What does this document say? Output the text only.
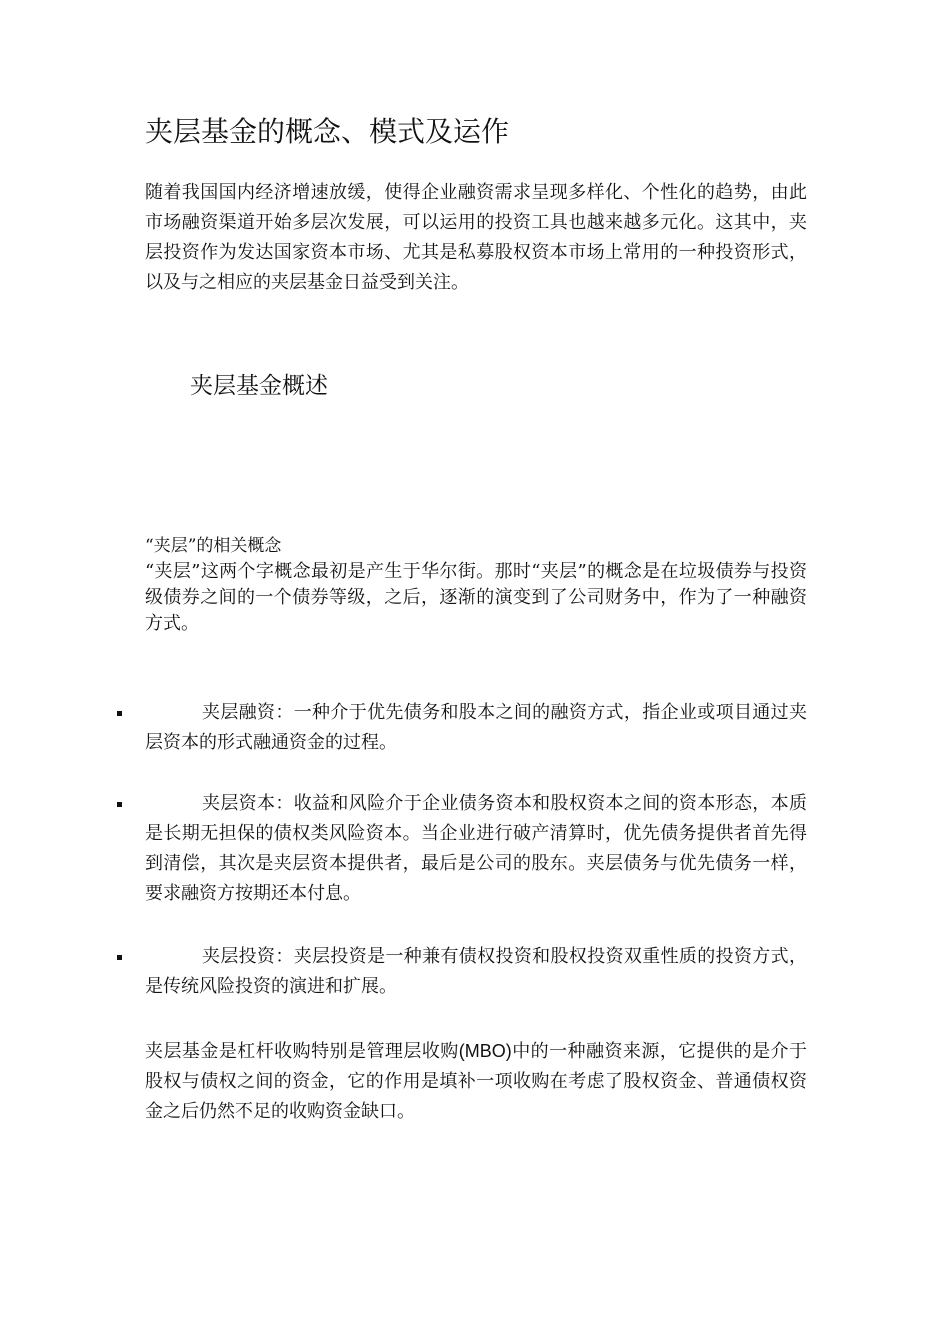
夹层基金的概念、模式及运作

随着我国国内经济增速放缓，使得企业融资需求呈现多样化、个性化的趋势，由此市场融资渠道开始多层次发展，可以运用的投资工具也越来越多元化。这其中，夹层投资作为发达国家资本市场、尤其是私募股权资本市场上常用的一种投资形式，以及与之相应的夹层基金日益受到关注。

夹层基金概述

“夹层”的相关概念

“夹层”这两个字概念最初是产生于华尔街。那时“夹层”的概念是在垃圾债券与投资级债券之间的一个债券等级，之后，逐渐的演变到了公司财务中，作为了一种融资方式。

夹层融资：一种介于优先债务和股本之间的融资方式，指企业或项目通过夹层资本的形式融通资金的过程。

夹层资本：收益和风险介于企业债务资本和股权资本之间的资本形态，本质是长期无担保的债权类风险资本。当企业进行破产清算时，优先债务提供者首先得到清偿，其次是夹层资本提供者，最后是公司的股东。夹层债务与优先债务一样，要求融资方按期还本付息。

夹层投资：夹层投资是一种兼有债权投资和股权投资双重性质的投资方式，是传统风险投资的演进和扩展。

夹层基金是杠杆收购特别是管理层收购(MBO)中的一种融资来源，它提供的是介于股权与债权之间的资金，它的作用是填补一项收购在考虑了股权资金、普通债权资金之后仍然不足的收购资金缺口。
